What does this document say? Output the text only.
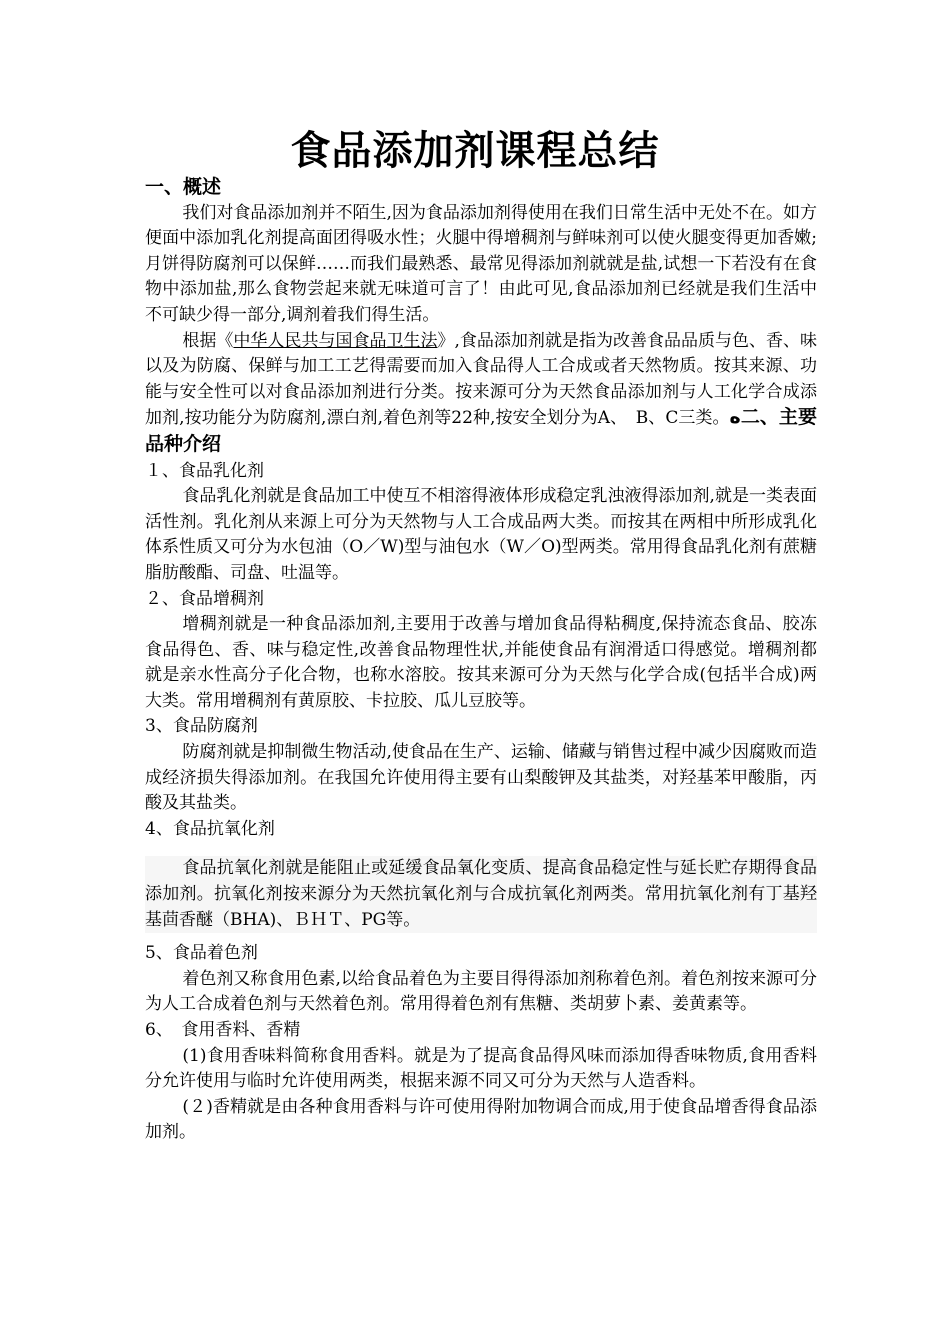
食品添加剂课程总结
一、概述

我们对食品添加剂并不陌生,因为食品添加剂得使用在我们日常生活中无处不在。如方便面中添加乳化剂提高面团得吸水性；火腿中得增稠剂与鲜味剂可以使火腿变得更加香嫩;月饼得防腐剂可以保鲜……而我们最熟悉、最常见得添加剂就就是盐,试想一下若没有在食物中添加盐,那么食物尝起来就无味道可言了！由此可见,食品添加剂已经就是我们生活中不可缺少得一部分,调剂着我们得生活。

根据《中华人民共与国食品卫生法》,食品添加剂就是指为改善食品品质与色、香、味以及为防腐、保鲜与加工工艺得需要而加入食品得人工合成或者天然物质。按其来源、功能与安全性可以对食品添加剂进行分类。按来源可分为天然食品添加剂与人工化学合成添加剂,按功能分为防腐剂,漂白剂,着色剂等22种,按安全划分为A、　B、C三类。ه二、主要品种介绍

１、食品乳化剂

食品乳化剂就是食品加工中使互不相溶得液体形成稳定乳浊液得添加剂,就是一类表面活性剂。乳化剂从来源上可分为天然物与人工合成品两大类。而按其在两相中所形成乳化体系性质又可分为水包油（O／W)型与油包水（W／O)型两类。常用得食品乳化剂有蔗糖脂肪酸酯、司盘、吐温等。

２、食品增稠剂

增稠剂就是一种食品添加剂,主要用于改善与增加食品得粘稠度,保持流态食品、胶冻食品得色、香、味与稳定性,改善食品物理性状,并能使食品有润滑适口得感觉。增稠剂都就是亲水性高分子化合物，也称水溶胶。按其来源可分为天然与化学合成(包括半合成)两大类。常用增稠剂有黄原胶、卡拉胶、瓜儿豆胶等。

3、食品防腐剂

防腐剂就是抑制微生物活动,使食品在生产、运输、储藏与销售过程中减少因腐败而造成经济损失得添加剂。在我国允许使用得主要有山梨酸钾及其盐类，对羟基苯甲酸脂，丙酸及其盐类。

4、食品抗氧化剂

食品抗氧化剂就是能阻止或延缓食品氧化变质、提高食品稳定性与延长贮存期得食品添加剂。抗氧化剂按来源分为天然抗氧化剂与合成抗氧化剂两类。常用抗氧化剂有丁基羟基茴香醚（BHA)、ＢＨＴ、PG等。

5、食品着色剂

着色剂又称食用色素,以给食品着色为主要目得得添加剂称着色剂。着色剂按来源可分为人工合成着色剂与天然着色剂。常用得着色剂有焦糖、类胡萝卜素、姜黄素等。

6、　食用香料、香精

(1)食用香味料简称食用香料。就是为了提高食品得风味而添加得香味物质,食用香料分允许使用与临时允许使用两类，根据来源不同又可分为天然与人造香料。

(２)香精就是由各种食用香料与许可使用得附加物调合而成,用于使食品增香得食品添加剂。
